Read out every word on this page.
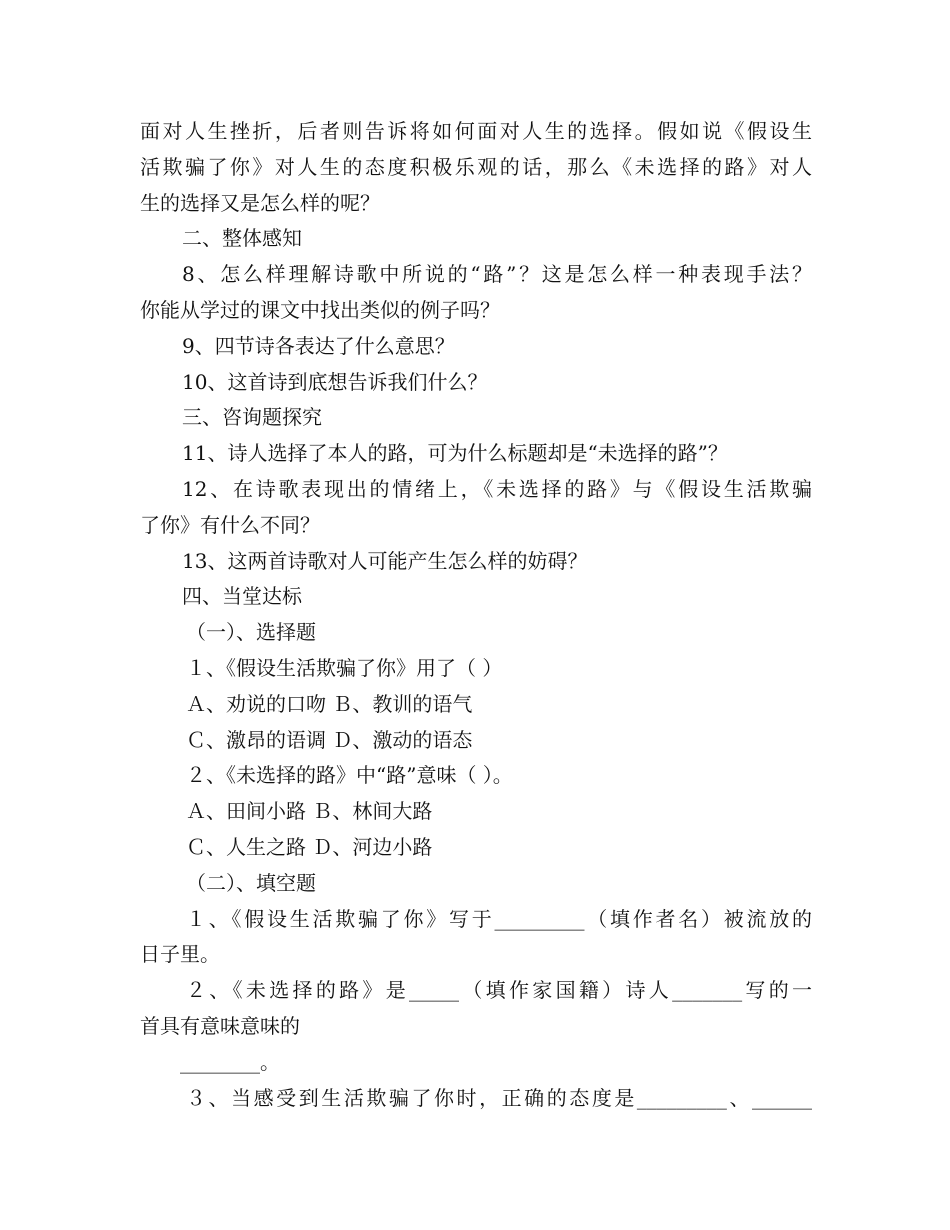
面对人生挫折，后者则告诉将如何面对人生的选择。假如说《假设生
活欺骗了你》对人生的态度积极乐观的话，那么《未选择的路》对人
生的选择又是怎么样的呢？
二、整体感知
8、怎么样理解诗歌中所说的“路”？这是怎么样一种表现手法？
你能从学过的课文中找出类似的例子吗？
9、四节诗各表达了什么意思？
10、这首诗到底想告诉我们什么？
三、咨询题探究
11、诗人选择了本人的路，可为什么标题却是“未选择的路”？
12、在诗歌表现出的情绪上，《未选择的路》与《假设生活欺骗
了你》有什么不同？
13、这两首诗歌对人可能产生怎么样的妨碍？
四、当堂达标
（一）、选择题
１、《假设生活欺骗了你》用了（ ）
Ａ、劝说的口吻 Ｂ、教训的语气
Ｃ、激昂的语调 Ｄ、激动的语态
２、《未选择的路》中“路”意味（ ）。
Ａ、田间小路 Ｂ、林间大路
Ｃ、人生之路 Ｄ、河边小路
（二）、填空题
１、《假设生活欺骗了你》写于_________（填作者名）被流放的
日子里。
２、《未选择的路》是_____（填作家国籍）诗人_______写的一
首具有意味意味的
________。
３、当感受到生活欺骗了你时，正确的态度是_________、______
